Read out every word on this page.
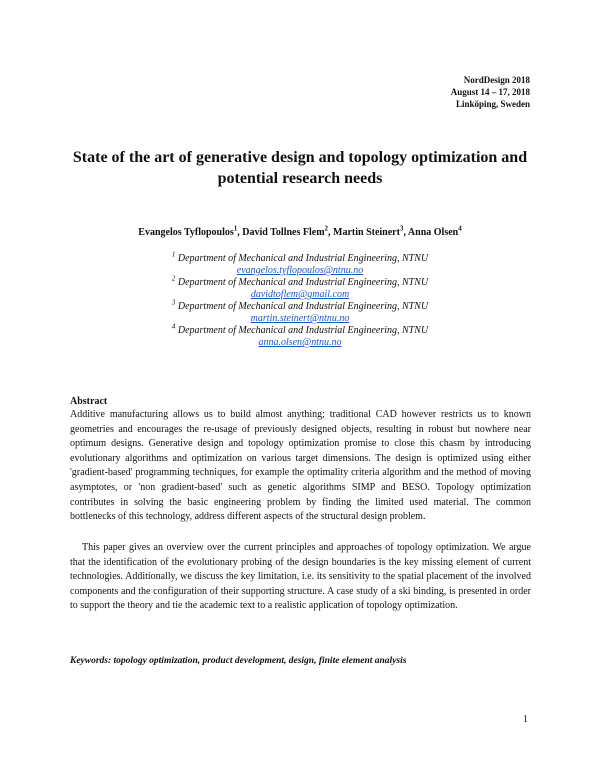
NordDesign 2018
August 14 – 17, 2018
Linköping, Sweden
State of the art of generative design and topology optimization and potential research needs
Evangelos Tyflopoulos$^1$, David Tollnes Flem$^2$, Martin Steinert$^3$, Anna Olsen$^4$
$^1$ Department of Mechanical and Industrial Engineering, NTNU
evangelos.tyflopoulos@ntnu.no
$^2$ Department of Mechanical and Industrial Engineering, NTNU
davidtoflem@gmail.com
$^3$ Department of Mechanical and Industrial Engineering, NTNU
martin.steinert@ntnu.no
$^4$ Department of Mechanical and Industrial Engineering, NTNU
anna.olsen@ntnu.no
Abstract

Additive manufacturing allows us to build almost anything; traditional CAD however restricts us to known geometries and encourages the re-usage of previously designed objects, resulting in robust but nowhere near optimum designs. Generative design and topology optimization promise to close this chasm by introducing evolutionary algorithms and optimization on various target dimensions. The design is optimized using either 'gradient-based' programming techniques, for example the optimality criteria algorithm and the method of moving asymptotes, or 'non gradient-based' such as genetic algorithms SIMP and BESO. Topology optimization contributes in solving the basic engineering problem by finding the limited used material. The common bottlenecks of this technology, address different aspects of the structural design problem.

This paper gives an overview over the current principles and approaches of topology optimization. We argue that the identification of the evolutionary probing of the design boundaries is the key missing element of current technologies. Additionally, we discuss the key limitation, i.e. its sensitivity to the spatial placement of the involved components and the configuration of their supporting structure. A case study of a ski binding, is presented in order to support the theory and tie the academic text to a realistic application of topology optimization.

Keywords: topology optimization, product development, design, finite element analysis
1
